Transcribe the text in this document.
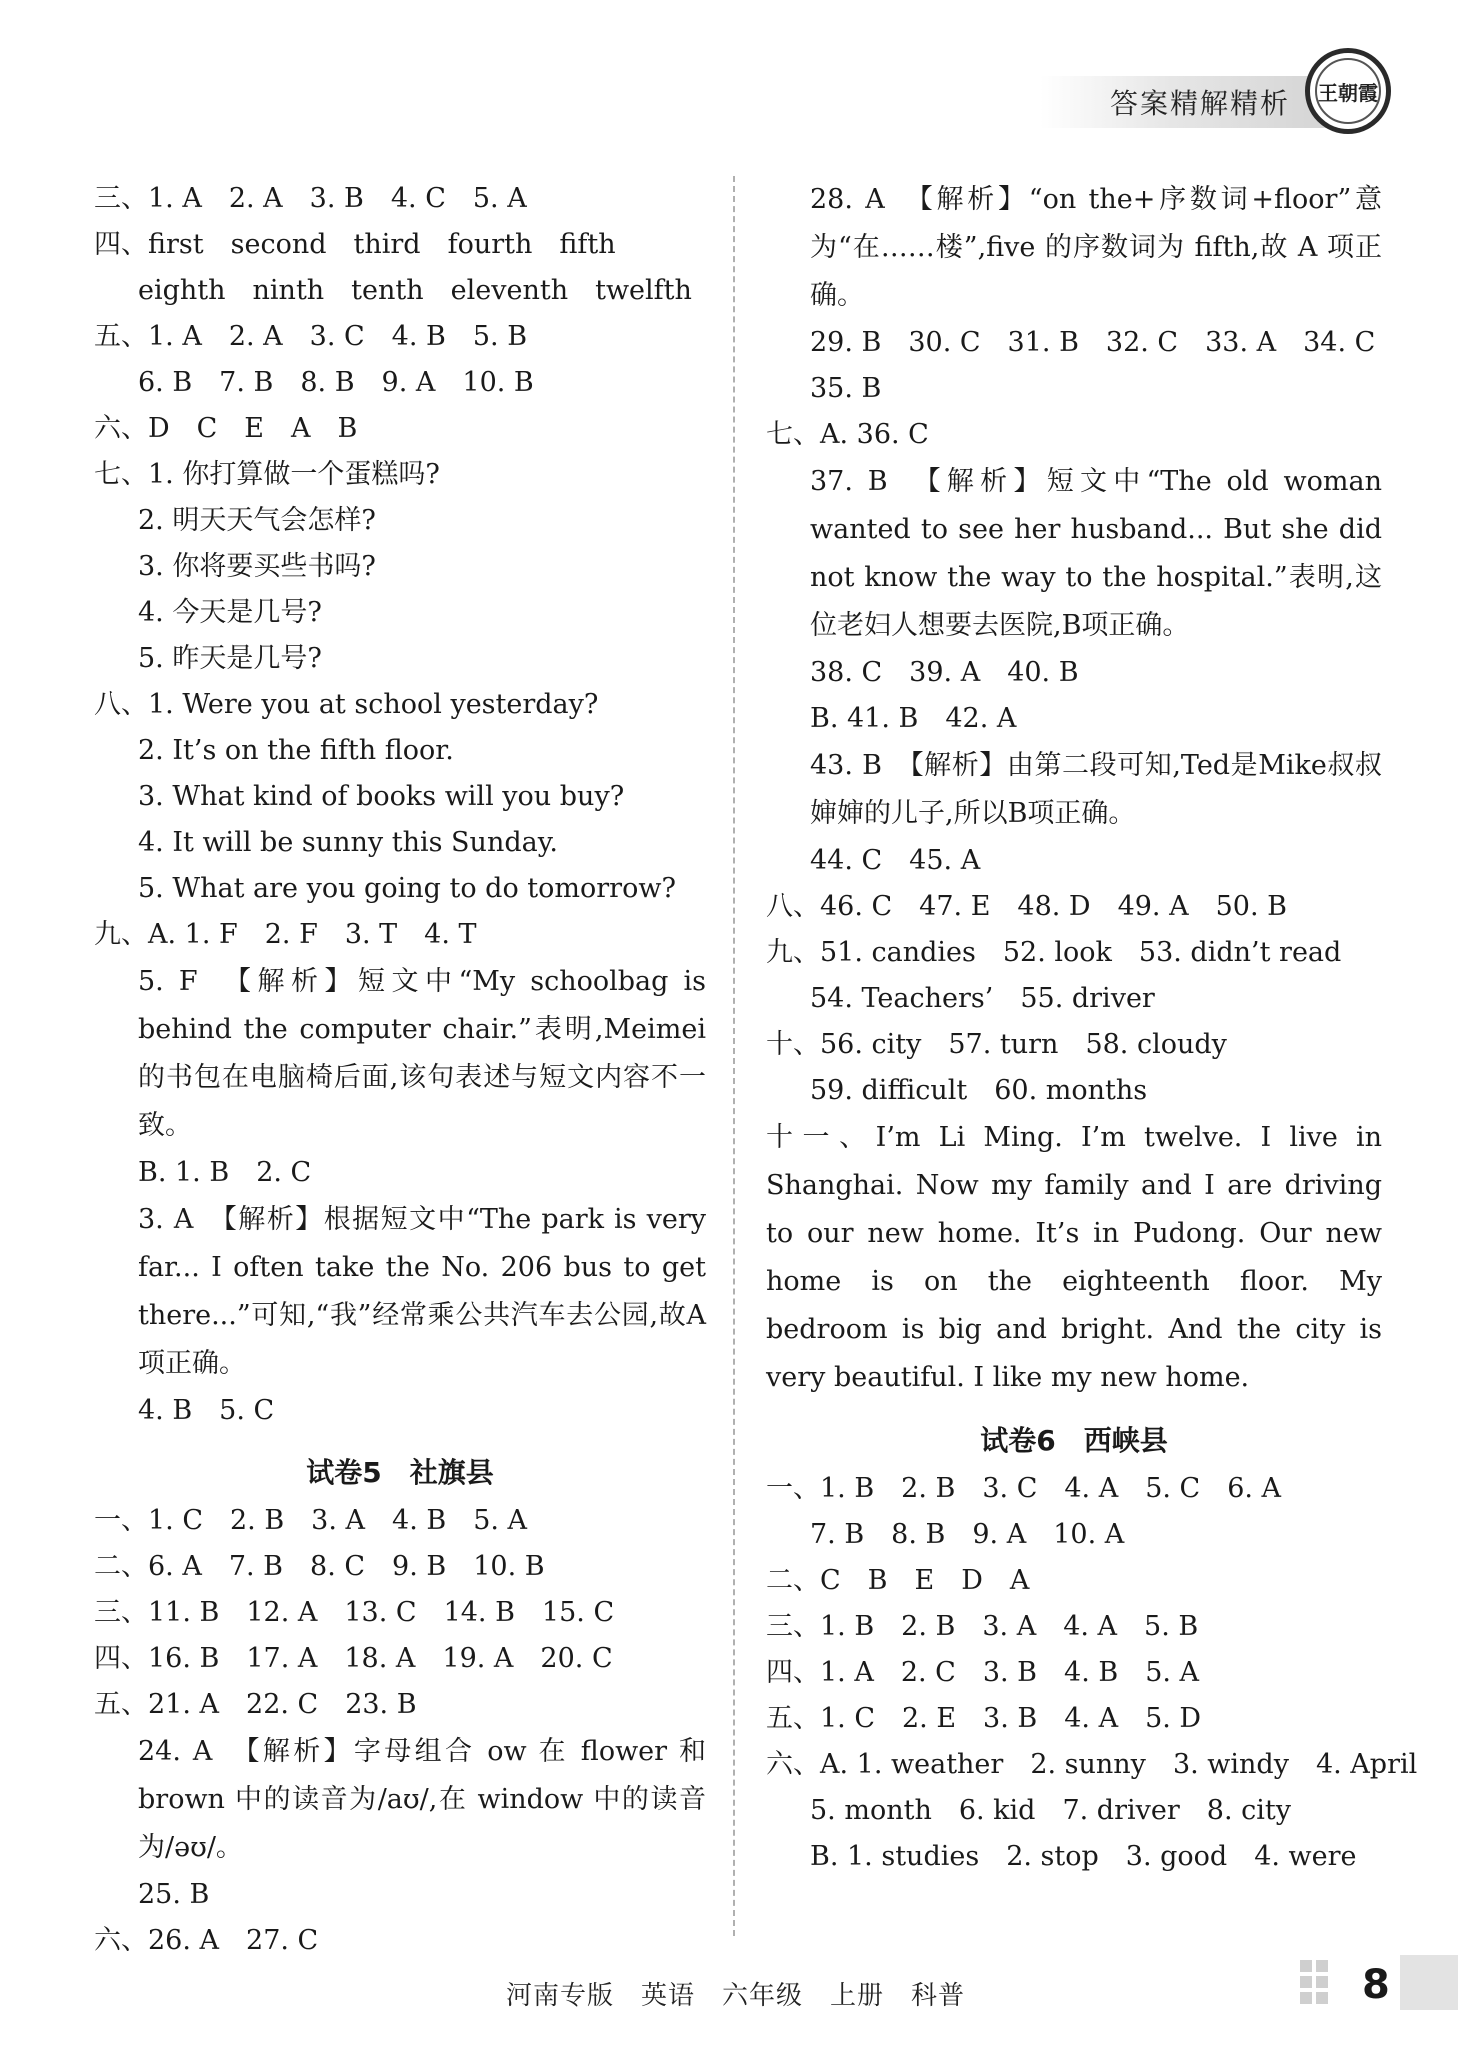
答案精解精析 王朝霞
三、1. A　2. A　3. B　4. C　5. A
四、first　second　third　fourth　fifth
eighth　ninth　tenth　eleventh　twelfth
五、1. A　2. A　3. C　4. B　5. B
6. B　7. B　8. B　9. A　10. B
六、D　C　E　A　B
七、1. 你打算做一个蛋糕吗?
2. 明天天气会怎样?
3. 你将要买些书吗?
4. 今天是几号?
5. 昨天是几号?
八、1. Were you at school yesterday?
2. It’s on the fifth floor.
3. What kind of books will you buy?
4. It will be sunny this Sunday.
5. What are you going to do tomorrow?
九、A. 1. F　2. F　3. T　4. T
5. F　【解析】短文中“My schoolbag is behind the computer chair.”表明,Meimei的书包在电脑椅后面,该句表述与短文内容不一致。
B. 1. B　2. C
3. A　【解析】根据短文中“The park is very far... I often take the No. 206 bus to get there...”可知,“我”经常乘公共汽车去公园,故A项正确。
4. B　5. C
试卷5　社旗县
一、1. C　2. B　3. A　4. B　5. A
二、6. A　7. B　8. C　9. B　10. B
三、11. B　12. A　13. C　14. B　15. C
四、16. B　17. A　18. A　19. A　20. C
五、21. A　22. C　23. B
24. A　【解析】字母组合 ow 在 flower 和 brown 中的读音为/aʊ/,在 window 中的读音为/əʊ/。
25. B
六、26. A　27. C
28. A　【解析】“on the+序数词+floor”意为“在……楼”,five 的序数词为 fifth,故 A 项正确。
29. B　30. C　31. B　32. C　33. A　34. C
35. B
七、A. 36. C
37. B　【解析】短文中“The old woman wanted to see her husband... But she did not know the way to the hospital.”表明,这位老妇人想要去医院,B项正确。
38. C　39. A　40. B
B. 41. B　42. A
43. B　【解析】由第二段可知,Ted是Mike叔叔婶婶的儿子,所以B项正确。
44. C　45. A
八、46. C　47. E　48. D　49. A　50. B
九、51. candies　52. look　53. didn’t read
54. Teachers’　55. driver
十、56. city　57. turn　58. cloudy
59. difficult　60. months
十一、I’m Li Ming. I’m twelve. I live in Shanghai. Now my family and I are driving to our new home. It’s in Pudong. Our new home is on the eighteenth floor. My bedroom is big and bright. And the city is very beautiful. I like my new home.
试卷6　西峡县
一、1. B　2. B　3. C　4. A　5. C　6. A
7. B　8. B　9. A　10. A
二、C　B　E　D　A
三、1. B　2. B　3. A　4. A　5. B
四、1. A　2. C　3. B　4. B　5. A
五、1. C　2. E　3. B　4. A　5. D
六、A. 1. weather　2. sunny　3. windy　4. April
5. month　6. kid　7. driver　8. city
B. 1. studies　2. stop　3. good　4. were
河南专版　英语　六年级　上册　科普	8
